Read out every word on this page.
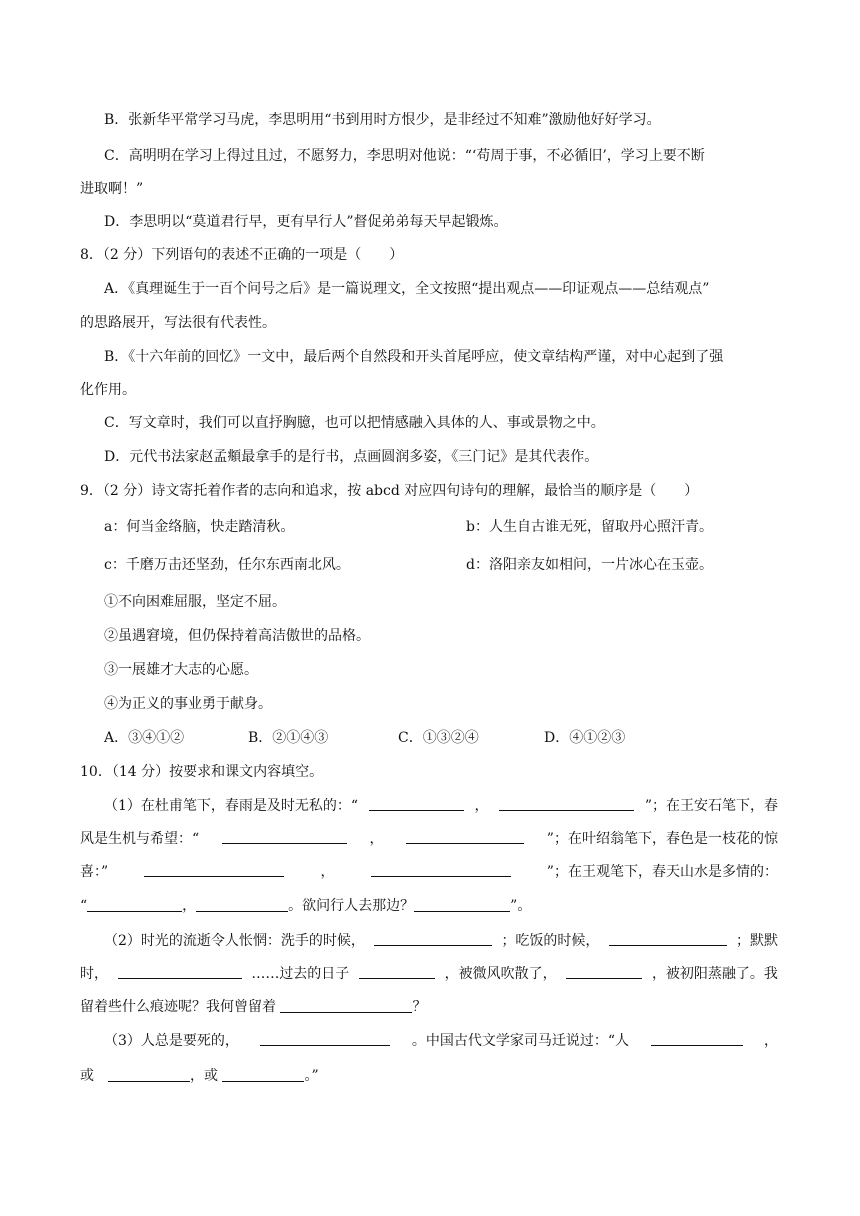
B．张新华平常学习马虎，李思明用“书到用时方恨少，是非经过不知难”激励他好好学习。
C．高明明在学习上得过且过，不愿努力，李思明对他说：“‘苟周于事，不必循旧’，学习上要不断
进取啊！”
D．李思明以“莫道君行早，更有早行人”督促弟弟每天早起锻炼。
8．（2 分）下列语句的表述不正确的一项是（　　）
A．《真理诞生于一百个问号之后》是一篇说理文，全文按照“提出观点——印证观点——总结观点”
的思路展开，写法很有代表性。
B．《十六年前的回忆》一文中，最后两个自然段和开头首尾呼应，使文章结构严谨，对中心起到了强
化作用。
C．写文章时，我们可以直抒胸臆，也可以把情感融入具体的人、事或景物之中。
D．元代书法家赵孟頫最拿手的是行书，点画圆润多姿，《三门记》是其代表作。
9．（2 分）诗文寄托着作者的志向和追求，按 abcd 对应四句诗句的理解，最恰当的顺序是（　　）
a：何当金络脑，快走踏清秋。	b：人生自古谁无死，留取丹心照汗青。
c：千磨万击还坚劲，任尔东西南北风。	d：洛阳亲友如相问，一片冰心在玉壶。
①不向困难屈服，坚定不屈。
②虽遇窘境，但仍保持着高洁傲世的品格。
③一展雄才大志的心愿。
④为正义的事业勇于献身。
A．③④①②	B．②①④③	C．①③②④	D．④①②③
10．（14 分）按要求和课文内容填空。
（1）在杜甫笔下，春雨是及时无私的：“	，	”；在王安石笔下，春
风是生机与希望：“	，	”；在叶绍翁笔下，春色是一枝花的惊
喜：”	，	”；在王观笔下，春天山水是多情的：
“	，	。欲问行人去那边？	”。
（2）时光的流逝令人怅惘：洗手的时候，	；吃饭的时候，	；默默
时，	……过去的日子	，被微风吹散了，	，被初阳蒸融了。我
留着些什么痕迹呢？我何曾留着	？
（3）人总是要死的，	。中国古代文学家司马迁说过：“人	，
或　	，或	。”
